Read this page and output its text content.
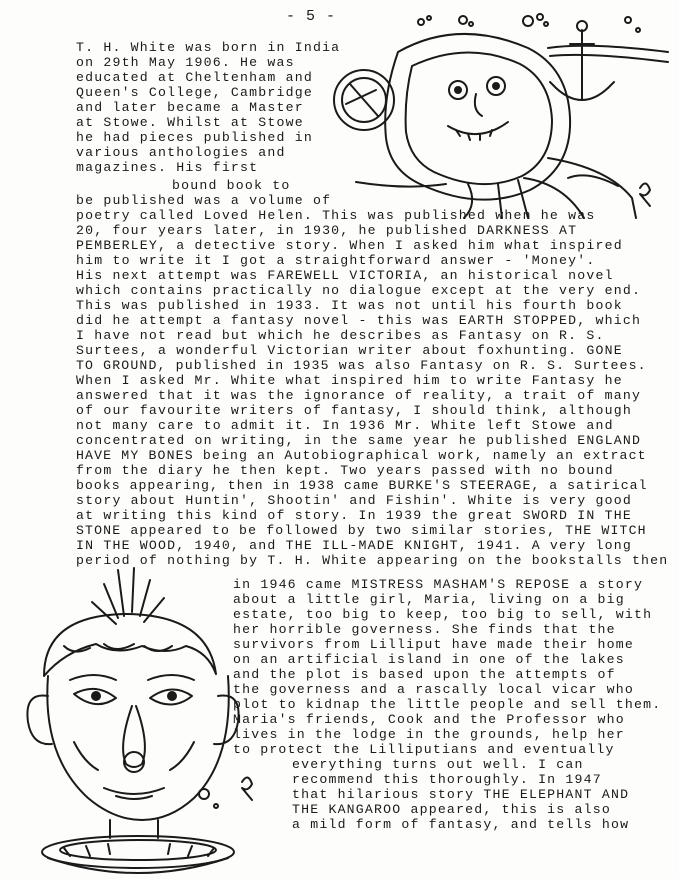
- 5 -
T. H. White was born in India
on 29th May 1906. He was
educated at Cheltenham and
Queen's College, Cambridge
and later became a Master
at Stowe. Whilst at Stowe
he had pieces published in
various anthologies and
magazines. His first
bound book to
be published was a volume of
poetry called Loved Helen. This was published when he was
20, four years later, in 1930, he published DARKNESS AT
PEMBERLEY, a detective story. When I asked him what inspired
him to write it I got a straightforward answer - 'Money'.
His next attempt was FAREWELL VICTORIA, an historical novel
which contains practically no dialogue except at the very end.
This was published in 1933. It was not until his fourth book
did he attempt a fantasy novel - this was EARTH STOPPED, which
I have not read but which he describes as Fantasy on R. S.
Surtees, a wonderful Victorian writer about foxhunting. GONE
TO GROUND, published in 1935 was also Fantasy on R. S. Surtees.
When I asked Mr. White what inspired him to write Fantasy he
answered that it was the ignorance of reality, a trait of many
of our favourite writers of fantasy, I should think, although
not many care to admit it. In 1936 Mr. White left Stowe and
concentrated on writing, in the same year he published ENGLAND
HAVE MY BONES being an Autobiographical work, namely an extract
from the diary he then kept. Two years passed with no bound
books appearing, then in 1938 came BURKE'S STEERAGE, a satirical
story about Huntin', Shootin' and Fishin'. White is very good
at writing this kind of story. In 1939 the great SWORD IN THE
STONE appeared to be followed by two similar stories, THE WITCH
IN THE WOOD, 1940, and THE ILL-MADE KNIGHT, 1941. A very long
period of nothing by T. H. White appearing on the bookstalls then
in 1946 came MISTRESS MASHAM'S REPOSE a story
about a little girl, Maria, living on a big
estate, too big to keep, too big to sell, with
her horrible governess. She finds that the
survivors from Lilliput have made their home
on an artificial island in one of the lakes
and the plot is based upon the attempts of
the governess and a rascally local vicar who
plot to kidnap the little people and sell them.
Maria's friends, Cook and the Professor who
lives in the lodge in the grounds, help her
to protect the Lilliputians and eventually
everything turns out well. I can
recommend this thoroughly. In 1947
that hilarious story THE ELEPHANT AND
THE KANGAROO appeared, this is also
a mild form of fantasy, and tells how
